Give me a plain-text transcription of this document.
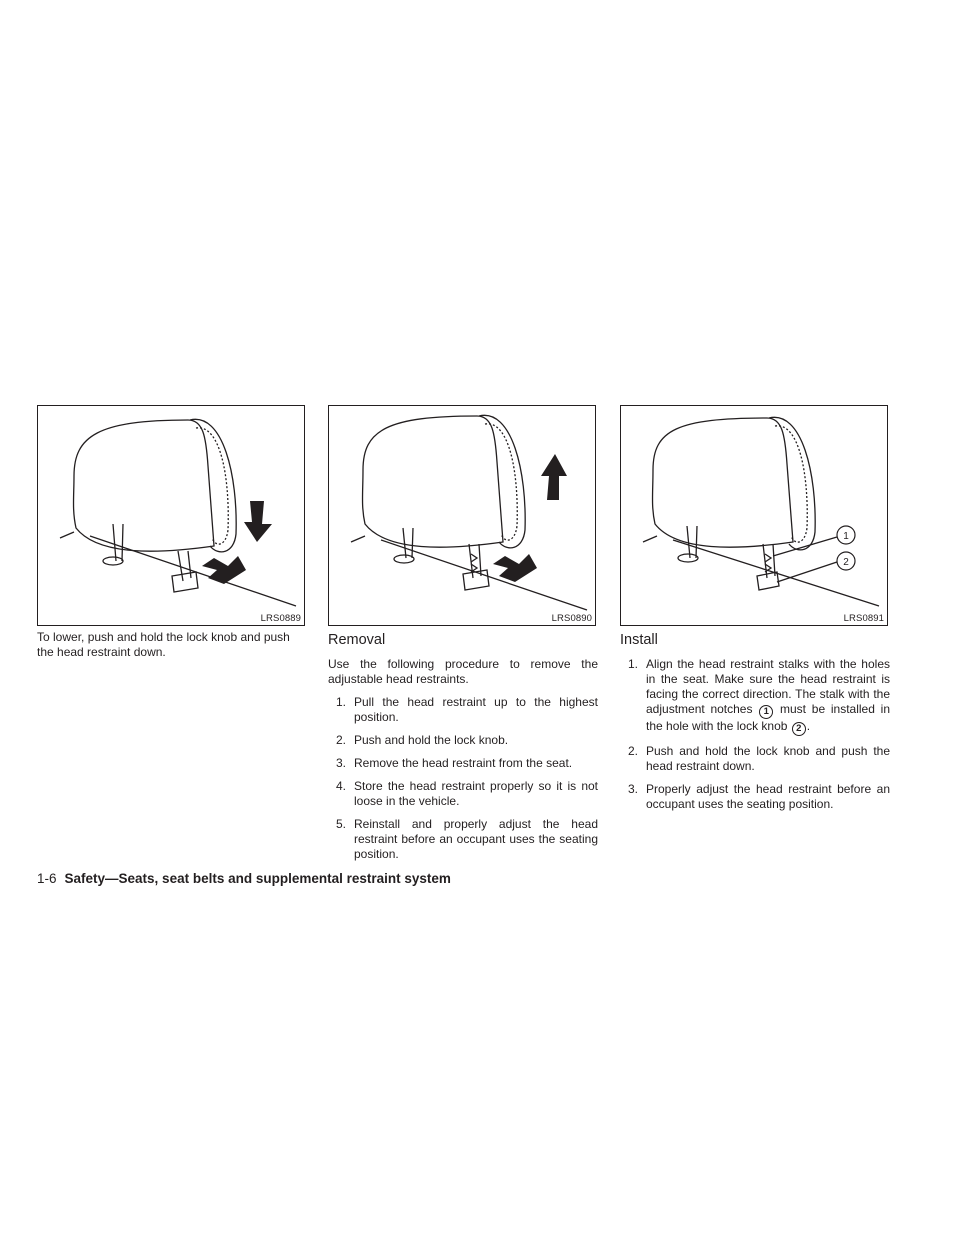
LRS0889	LRS0890
1
2
LRS0891

To lower, push and hold the lock knob and push the head restraint down.

Removal

Use the following procedure to remove the adjustable head restraints.

1. Pull the head restraint up to the highest position.
2. Push and hold the lock knob.
3. Remove the head restraint from the seat.
4. Store the head restraint properly so it is not loose in the vehicle.
5. Reinstall and properly adjust the head restraint before an occupant uses the seating position.
Install
1. Align the head restraint stalks with the holes in the seat. Make sure the head restraint is facing the correct direction. The stalk with the adjustment notches 1 must be installed in the hole with the lock knob 2 .
2. Push and hold the lock knob and push the head restraint down.
3. Properly adjust the head restraint before an occupant uses the seating position.
1-6 Safety—Seats, seat belts and supplemental restraint system
